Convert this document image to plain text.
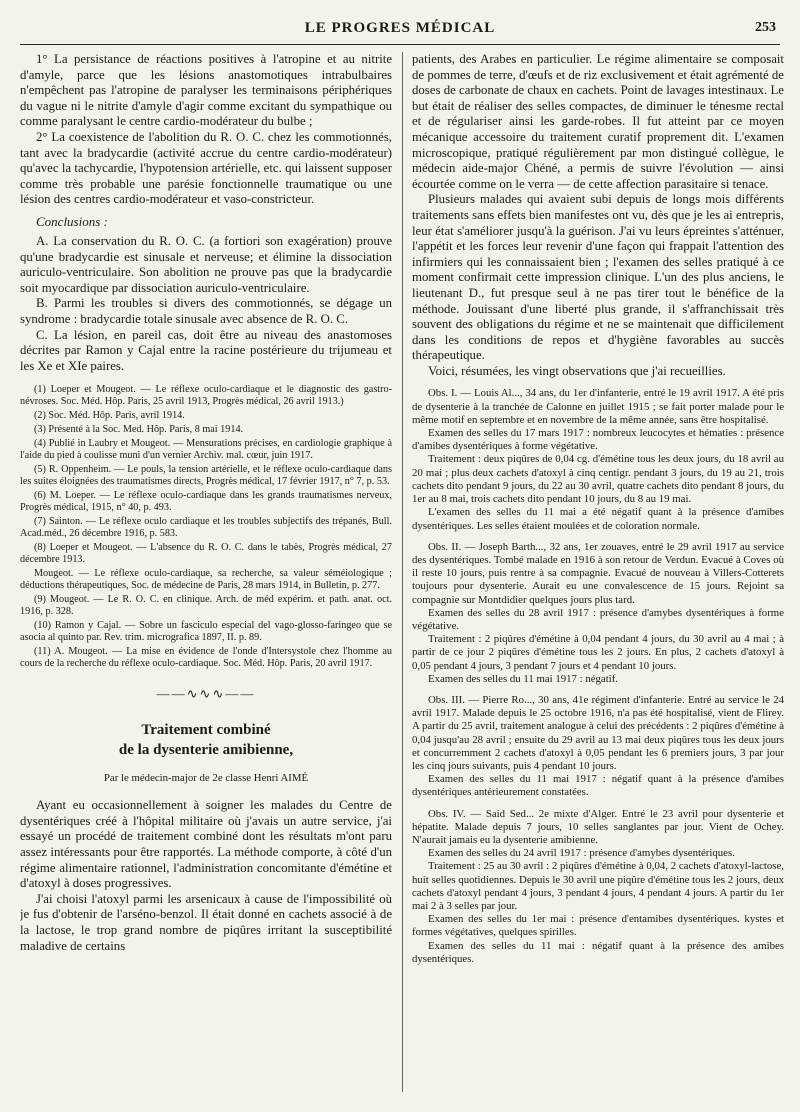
LE PROGRES MÉDICAL	253

1° La persistance de réactions positives à l'atropine et au nitrite d'amyle, parce que les lésions anastomotiques intrabulbaires n'empêchent pas l'atropine de paralyser les terminaisons périphériques du vague ni le nitrite d'amyle d'agir comme excitant du sympathique ou comme paralysant le centre cardio-modérateur du bulbe ;

2° La coexistence de l'abolition du R. O. C. chez les commotionnés, tant avec la bradycardie (activité accrue du centre cardio-modérateur) qu'avec la tachycardie, l'hypotension artérielle, etc. qui laissent supposer comme très probable une parésie fonctionnelle traumatique ou une lésion des centres cardio-modérateur et vaso-constricteur.

Conclusions :

A. La conservation du R. O. C. (a fortiori son exagération) prouve qu'une bradycardie est sinusale et nerveuse; et élimine la dissociation auriculo-ventriculaire. Son abolition ne prouve pas que la bradycardie soit myocardique par dissociation auriculo-ventriculaire.

B. Parmi les troubles si divers des commotionnés, se dégage un syndrome : bradycardie totale sinusale avec absence de R. O. C.

C. La lésion, en pareil cas, doit être au niveau des anastomoses décrites par Ramon y Cajal entre la racine postérieure du trijumeau et les Xe et XIe paires.

(1) Loeper et Mougeot. — Le réflexe oculo-cardiaque et le diagnostic des gastro-névroses. Soc. Méd. Hôp. Paris, 25 avril 1913, Progrès médical, 26 avril 1913.)

(2) Soc. Méd. Hôp. Paris, avril 1914.

(3) Présenté à la Soc. Med. Hôp. Paris, 8 mai 1914.

(4) Publié in Laubry et Mougeot. — Mensurations précises, en cardiologie graphique à l'aide du pied à coulisse muni d'un vernier Archiv. mal. cœur, juin 1917.

(5) R. Oppenheim. — Le pouls, la tension artérielle, et le réflexe oculo-cardiaque dans les suites éloignées des traumatismes directs, Progrès médical, 17 février 1917, n° 7, p. 53.

(6) M. Loeper. — Le réflexe oculo-cardiaque dans les grands traumatismes nerveux, Progrès médical, 1915, n° 40, p. 493.

(7) Sainton. — Le réflexe oculo cardiaque et les troubles subjectifs des trépanés, Bull. Acad.méd., 26 décembre 1916, p. 583.

(8) Loeper et Mougeot. — L'absence du R. O. C. dans le tabès, Progrès médical, 27 décembre 1913.

Mougeot. — Le réflexe oculo-cardiaque, sa recherche, sa valeur séméiologique ; déductions thérapeutiques, Soc. de médecine de Paris, 28 mars 1914, in Bulletin, p. 277.

(9) Mougeot. — Le R. O. C. en clinique. Arch. de méd expérim. et path. anat. oct. 1916, p. 328.

(10) Ramon y Cajal. — Sobre un fasciculo especial del vago-glosso-faringeo que se asocia al quinto par. Rev. trim. micrografica 1897, II. p. 89.

(11) A. Mougeot. — La mise en évidence de l'onde d'Intersystole chez l'homme au cours de la recherche du réflexe oculo-cardiaque. Soc. Méd. Hôp. Paris, 20 avril 1917.

——∿∿∿——
Traitement combiné
de la dysenterie amibienne,
Par le médecin-major de 2e classe Henri AIMÉ

Ayant eu occasionnellement à soigner les malades du Centre de dysentériques créé à l'hôpital militaire où j'avais un autre service, j'ai essayé un procédé de traitement combiné dont les résultats m'ont paru assez intéressants pour être rapportés. La méthode comporte, à côté d'un régime alimentaire rationnel, l'administration concomitante d'émétine et d'atoxyl à doses progressives.

J'ai choisi l'atoxyl parmi les arsenicaux à cause de l'impossibilité où je fus d'obtenir de l'arséno-benzol. Il était donné en cachets associé à de la lactose, le trop grand nombre de piqûres irritant la susceptibilité maladive de certains

patients, des Arabes en particulier. Le régime alimentaire se composait de pommes de terre, d'œufs et de riz exclusivement et était agrémenté de doses de carbonate de chaux en cachets. Point de lavages intestinaux. Le but était de réaliser des selles compactes, de diminuer le ténesme rectal et de régulariser ainsi les garde-robes. Il fut atteint par ce moyen mécanique accessoire du traitement curatif proprement dit. L'examen microscopique, pratiqué régulièrement par mon distingué collègue, le médecin aide-major Chéné, a permis de suivre l'évolution — ainsi écourtée comme on le verra — de cette affection parasitaire si tenace.

Plusieurs malades qui avaient subi depuis de longs mois différents traitements sans effets bien manifestes ont vu, dès que je les ai entrepris, leur état s'améliorer jusqu'à la guérison. J'ai vu leurs épreintes s'atténuer, l'appétit et les forces leur revenir d'une façon qui frappait l'attention des infirmiers qui les connaissaient bien ; l'examen des selles pratiqué à ce moment confirmait cette impression clinique. L'un des plus anciens, le lieutenant D., fut presque seul à ne pas tirer tout le bénéfice de la méthode. Jouissant d'une liberté plus grande, il s'affranchissait très souvent des obligations du régime et ne se maintenait que difficilement dans les conditions de repos et d'hygiène favorables au succès thérapeutique.

Voici, résumées, les vingt observations que j'ai recueillies.

Obs. I. — Louis Al..., 34 ans, du 1er d'infanterie, entré le 19 avril 1917. A été pris de dysenterie à la tranchée de Calonne en juillet 1915 ; se fait porter malade pour le même motif en septembre et en novembre de la même année, sans être hospitalisé.

Examen des selles du 17 mars 1917 : nombreux leucocytes et hématies : présence d'amibes dysentériques à forme végétative.

Traitement : deux piqûres de 0,04 cg. d'émétine tous les deux jours, du 18 avril au 20 mai ; plus deux cachets d'atoxyl à cinq centigr. pendant 3 jours, du 19 au 21, trois cachets dito pendant 9 jours, du 22 au 30 avril, quatre cachets dito pendant 8 jours, du 1er au 8 mai, trois cachets dito pendant 10 jours, du 8 au 19 mai.

L'examen des selles du 11 mai a été négatif quant à la présence d'amibes dysentériques. Les selles étaient moulées et de coloration normale.

Obs. II. — Joseph Barth..., 32 ans, 1er zouaves, entré le 29 avril 1917 au service des dysentériques. Tombé malade en 1916 à son retour de Verdun. Evacué à Coves où il reste 10 jours, puis rentre à sa compagnie. Evacué de nouveau à Villers-Cotterets toujours pour dysenterie. Aurait eu une convalescence de 15 jours. Rejoint sa compagnie sur Montdidier quelques jours plus tard.

Examen des selles du 28 avril 1917 : présence d'amybes dysentériques à forme végétative.

Traitement : 2 piqûres d'émétine à 0,04 pendant 4 jours, du 30 avril au 4 mai ; à partir de ce jour 2 piqûres d'émétine tous les 2 jours. En plus, 2 cachets d'atoxyl à 0,05 pendant 4 jours, 3 pendant 7 jours et 4 pendant 10 jours.

Examen des selles du 11 mai 1917 : négatif.

Obs. III. — Pierre Ro..., 30 ans, 41e régiment d'infanterie. Entré au service le 24 avril 1917. Malade depuis le 25 octobre 1916, n'a pas été hospitalisé, vient de Flirey. A partir du 25 avril, traitement analogue à celui des précédents : 2 piqûres d'émétine à 0,04 jusqu'au 28 avril ; ensuite du 29 avril au 13 mai deux piqûres tous les deux jours et concurremment 2 cachets d'atoxyl à 0,05 pendant les 6 premiers jours, 3 par jour les cinq jours suivants, puis 4 pendant 10 jours.

Examen des selles du 11 mai 1917 : négatif quant à la présence d'amibes dysentériques antérieurement constatées.

Obs. IV. — Said Sed... 2e mixte d'Alger. Entré le 23 avril pour dysenterie et hépatite. Malade depuis 7 jours, 10 selles sanglantes par jour. Vient de Ochey. N'aurait jamais eu la dysenterie amibienne.

Examen des selles du 24 avril 1917 : présence d'amybes dysentériques.

Traitement : 25 au 30 avril : 2 piqûres d'émétine à 0,04, 2 cachets d'atoxyl-lactose, huit selles quotidiennes. Depuis le 30 avril une piqûre d'émétine tous les 2 jours, deux cachets d'atoxyl pendant 4 jours, 3 pendant 4 jours, 4 pendant 4 jours. A partir du 1er mai 2 à 3 selles par jour.

Examen des selles du 1er mai : présence d'entamibes dysentériques. kystes et formes végétatives, quelques spirilles.

Examen des selles du 11 mai : négatif quant à la présence des amibes dysentériques.
